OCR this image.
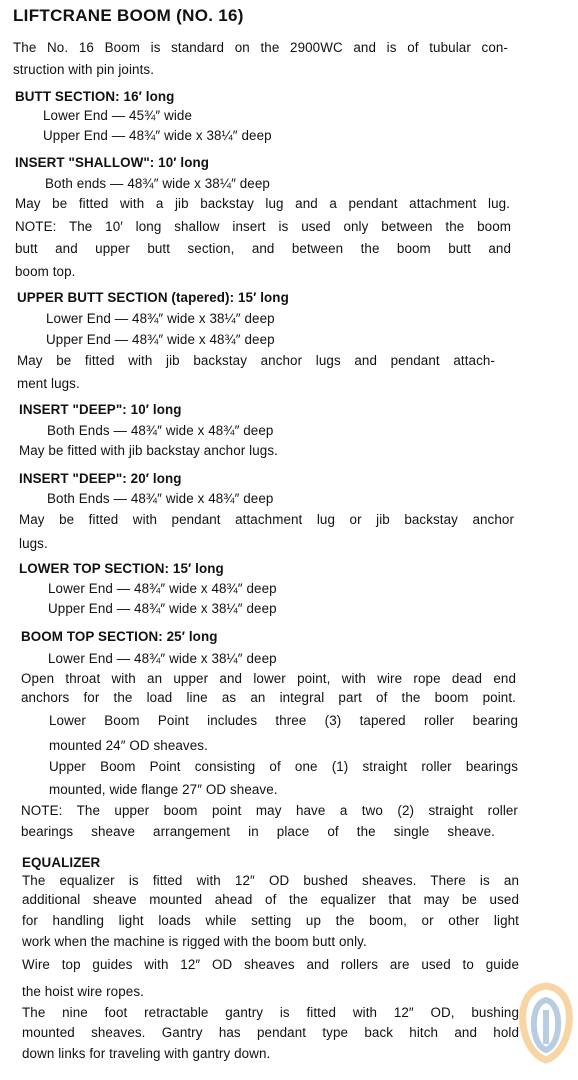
LIFTCRANE BOOM (NO. 16)
The No. 16 Boom is standard on the 2900WC and is of tubular con-
struction with pin joints.
BUTT SECTION: 16′ long
Lower End — 45¾″ wide
Upper End — 48¾″ wide x 38¼″ deep
INSERT "SHALLOW": 10′ long
Both ends — 48¾″ wide x 38¼″ deep
May be fitted with a jib backstay lug and a pendant attachment lug.
NOTE: The 10′ long shallow insert is used only between the boom
butt and upper butt section, and between the boom butt and
boom top.
UPPER BUTT SECTION (tapered): 15′ long
Lower End — 48¾″ wide x 38¼″ deep
Upper End — 48¾″ wide x 48¾″ deep
May be fitted with jib backstay anchor lugs and pendant attach-
ment lugs.
INSERT "DEEP": 10′ long
Both Ends — 48¾″ wide x 48¾″ deep
May be fitted with jib backstay anchor lugs.
INSERT "DEEP": 20′ long
Both Ends — 48¾″ wide x 48¾″ deep
May be fitted with pendant attachment lug or jib backstay anchor
lugs.
LOWER TOP SECTION: 15′ long
Lower End — 48¾″ wide x 48¾″ deep
Upper End — 48¾″ wide x 38¼″ deep
BOOM TOP SECTION: 25′ long
Lower End — 48¾″ wide x 38¼″ deep
Open throat with an upper and lower point, with wire rope dead end
anchors for the load line as an integral part of the boom point.
Lower Boom Point includes three (3) tapered roller bearing
mounted 24″ OD sheaves.
Upper Boom Point consisting of one (1) straight roller bearings
mounted, wide flange 27″ OD sheave.
NOTE: The upper boom point may have a two (2) straight roller
bearings sheave arrangement in place of the single sheave.
EQUALIZER
The equalizer is fitted with 12″ OD bushed sheaves. There is an
additional sheave mounted ahead of the equalizer that may be used
for handling light loads while setting up the boom, or other light
work when the machine is rigged with the boom butt only.
Wire top guides with 12″ OD sheaves and rollers are used to guide
the hoist wire ropes.
The nine foot retractable gantry is fitted with 12″ OD, bushing
mounted sheaves. Gantry has pendant type back hitch and hold
down links for traveling with gantry down.
